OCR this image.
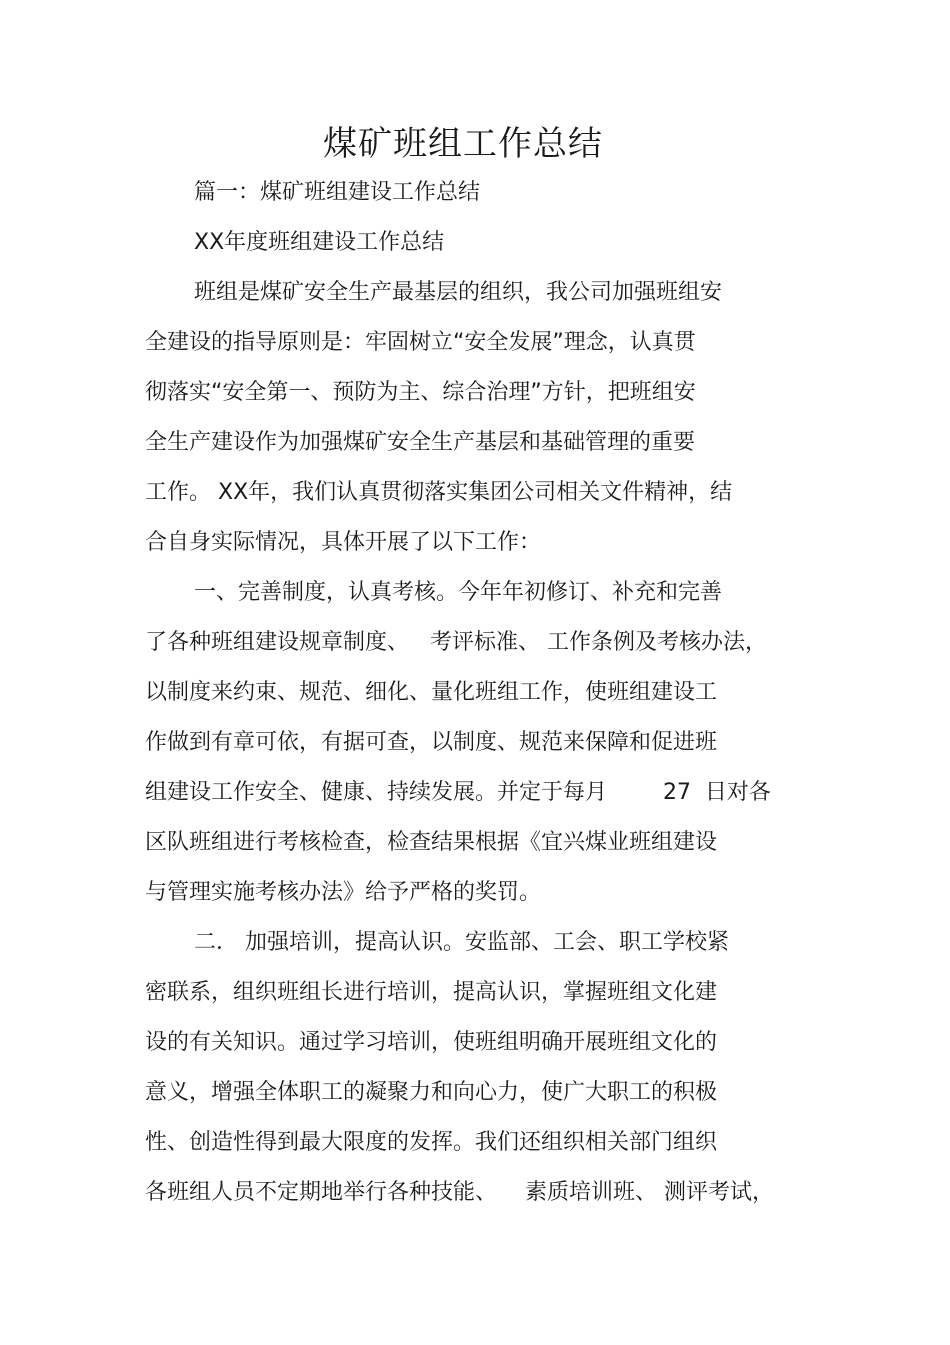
煤矿班组工作总结

篇一：煤矿班组建设工作总结

XX年度班组建设工作总结

班组是煤矿安全生产最基层的组织，我公司加强班组安

全建设的指导原则是：牢固树立“安全发展”理念，认真贯

彻落实“安全第一、预防为主、综合治理”方针，把班组安

全生产建设作为加强煤矿安全生产基层和基础管理的重要

工作。 XX年，我们认真贯彻落实集团公司相关文件精神，结

合自身实际情况，具体开展了以下工作：

一、完善制度，认真考核。今年年初修订、补充和完善

了各种班组建设规章制度、   考评标准、 工作条例及考核办法，

以制度来约束、规范、细化、量化班组工作，使班组建设工

作做到有章可依，有据可查，以制度、规范来保障和促进班

组建设工作安全、健康、持续发展。并定于每月        27  日对各

区队班组进行考核检查，检查结果根据《宜兴煤业班组建设

与管理实施考核办法》给予严格的奖罚。

二． 加强培训，提高认识。安监部、工会、职工学校紧

密联系，组织班组长进行培训，提高认识，掌握班组文化建

设的有关知识。通过学习培训，使班组明确开展班组文化的

意义，增强全体职工的凝聚力和向心力，使广大职工的积极

性、创造性得到最大限度的发挥。我们还组织相关部门组织

各班组人员不定期地举行各种技能、    素质培训班、 测评考试，
